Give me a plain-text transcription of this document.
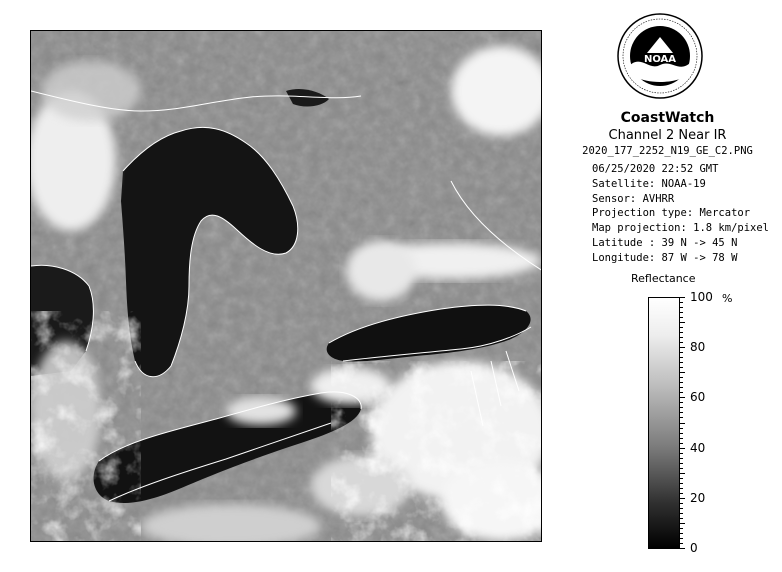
NOAA
CoastWatch
Channel 2 Near IR
2020_177_2252_N19_GE_C2.PNG
06/25/2020 22:52 GMT
Satellite: NOAA-19
Sensor: AVHRR
Projection type: Mercator
Map projection: 1.8 km/pixel
Latitude : 39 N -> 45 N
Longitude: 87 W -> 78 W
Reflectance
%
100
80
60
40
20
0
